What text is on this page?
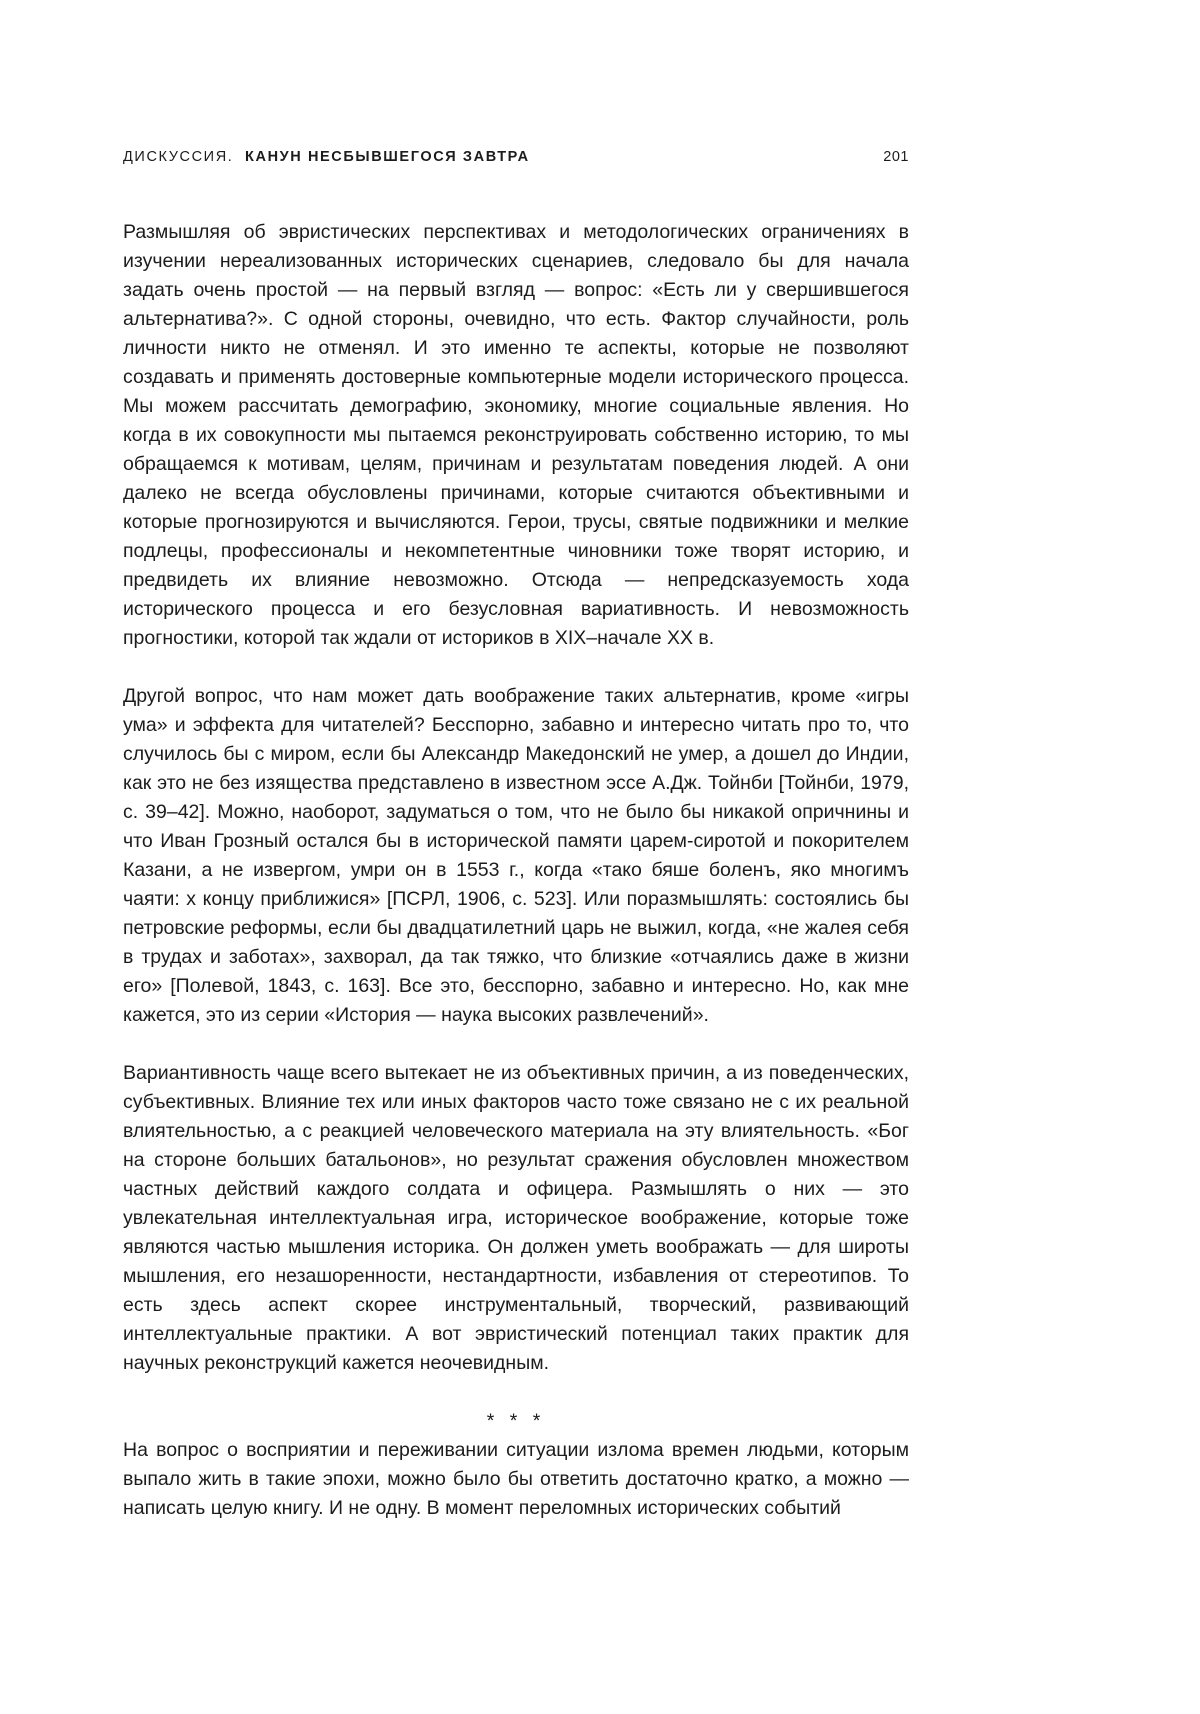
ДИСКУССИЯ. КАНУН НЕСБЫВШЕГОСЯ ЗАВТРА	201

Размышляя об эвристических перспективах и методологических ограничениях в изучении нереализованных исторических сценариев, следовало бы для начала задать очень простой — на первый взгляд — вопрос: «Есть ли у свершившегося альтернатива?». С одной стороны, очевидно, что есть. Фактор случайности, роль личности никто не отменял. И это именно те аспекты, которые не позволяют создавать и применять достоверные компьютерные модели исторического процесса. Мы можем рассчитать демографию, экономику, многие социальные явления. Но когда в их совокупности мы пытаемся реконструировать собственно историю, то мы обращаемся к мотивам, целям, причинам и результатам поведения людей. А они далеко не всегда обусловлены причинами, которые считаются объективными и которые прогнозируются и вычисляются. Герои, трусы, святые подвижники и мелкие подлецы, профессионалы и некомпетентные чиновники тоже творят историю, и предвидеть их влияние невозможно. Отсюда — непредсказуемость хода исторического процесса и его безусловная вариативность. И невозможность прогностики, которой так ждали от историков в XIX–начале XX в.

Другой вопрос, что нам может дать воображение таких альтернатив, кроме «игры ума» и эффекта для читателей? Бесспорно, забавно и интересно читать про то, что случилось бы с миром, если бы Александр Македонский не умер, а дошел до Индии, как это не без изящества представлено в известном эссе А.Дж. Тойнби [Тойнби, 1979, с. 39–42]. Можно, наоборот, задуматься о том, что не было бы никакой опричнины и что Иван Грозный остался бы в исторической памяти царем-сиротой и покорителем Казани, а не извергом, умри он в 1553 г., когда «тако бяше боленъ, яко многимъ чаяти: х концу приближися» [ПСРЛ, 1906, с. 523]. Или поразмышлять: состоялись бы петровские реформы, если бы двадцатилетний царь не выжил, когда, «не жалея себя в трудах и заботах», захворал, да так тяжко, что близкие «отчаялись даже в жизни его» [Полевой, 1843, с. 163]. Все это, бесспорно, забавно и интересно. Но, как мне кажется, это из серии «История — наука высоких развлечений».

Вариантивность чаще всего вытекает не из объективных причин, а из поведенческих, субъективных. Влияние тех или иных факторов часто тоже связано не с их реальной влиятельностью, а с реакцией человеческого материала на эту влиятельность. «Бог на стороне больших батальонов», но результат сражения обусловлен множеством частных действий каждого солдата и офицера. Размышлять о них — это увлекательная интеллектуальная игра, историческое воображение, которые тоже являются частью мышления историка. Он должен уметь воображать — для широты мышления, его незашоренности, нестандартности, избавления от стереотипов. То есть здесь аспект скорее инструментальный, творческий, развивающий интеллектуальные практики. А вот эвристический потенциал таких практик для научных реконструкций кажется неочевидным.

* * *

На вопрос о восприятии и переживании ситуации излома времен людьми, которым выпало жить в такие эпохи, можно было бы ответить достаточно кратко, а можно — написать целую книгу. И не одну. В момент переломных исторических событий
